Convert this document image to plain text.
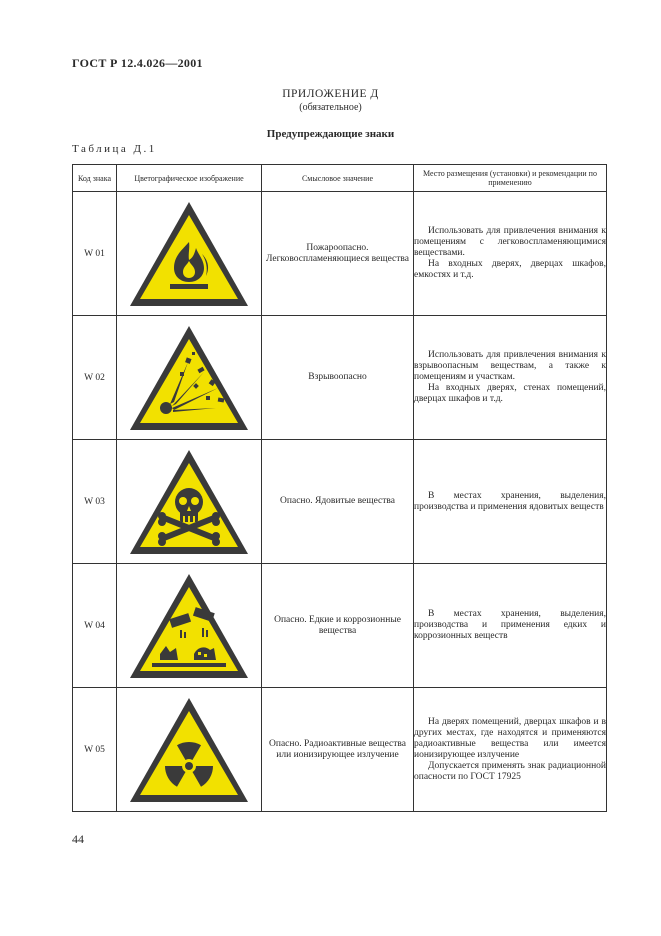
ГОСТ Р 12.4.026—2001
ПРИЛОЖЕНИЕ Д
(обязательное)
Предупреждающие знаки
Таблица Д.1
Код знака	Цветографическое изображение	Смысловое значение	Место размещения (установки) и рекомендации по применению
W 01		Пожароопасно. Легковоспламеняющиеся вещества	Использовать для привлечения внимания к помещениям с легковоспламеняющимися веществами.

На входных дверях, дверцах шкафов, емкостях и т.д.

W 02		Взрывоопасно	Использовать для привлечения внимания к взрывоопасным веществам, а также к помещениям и участкам.

На входных дверях, стенах помещений, дверцах шкафов и т.д.

W 03		Опасно. Ядовитые вещества	В местах хранения, выделения, производства и применения ядовитых веществ

W 04		Опасно. Едкие и коррозионные вещества	В местах хранения, выделения, производства и применения едких и коррозионных веществ

W 05		Опасно. Радиоактивные вещества или ионизирующее излучение	На дверях помещений, дверцах шкафов и в других местах, где находятся и применяются радиоактивные вещества или имеется ионизирующее излучение

Допускается применять знак радиационной опасности по ГОСТ 17925

44
